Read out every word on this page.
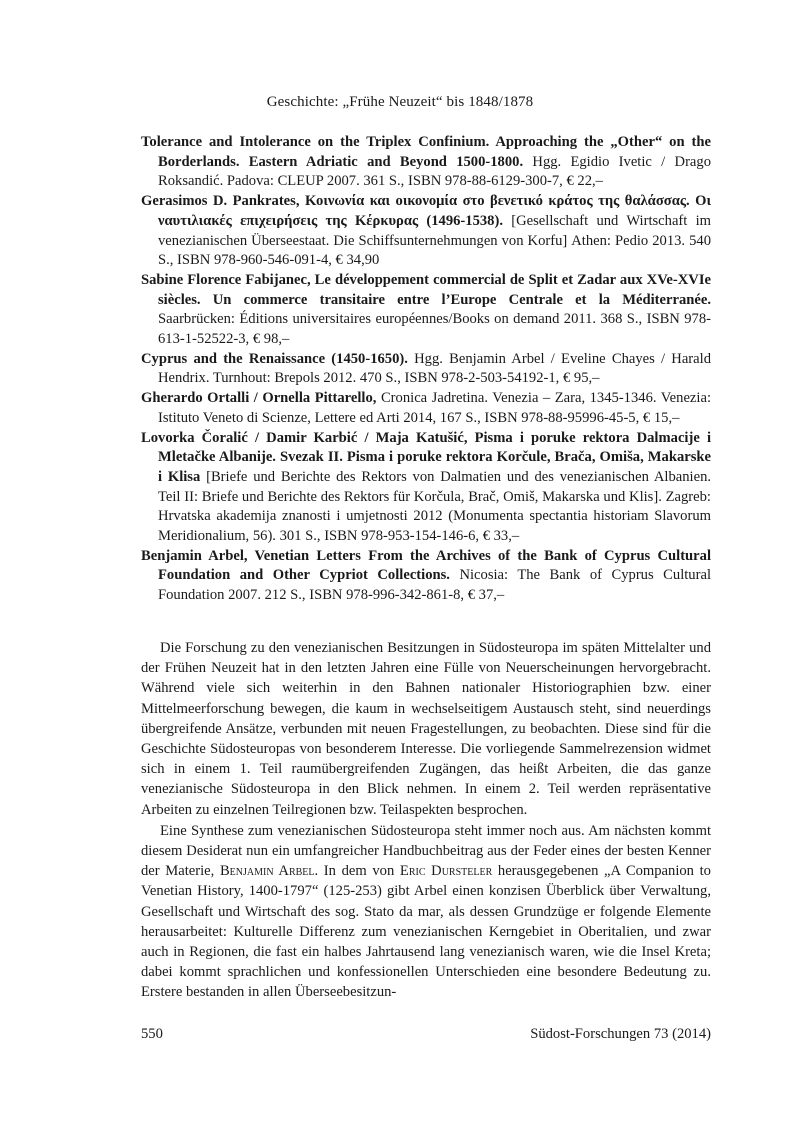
Geschichte: „Frühe Neuzeit“ bis 1848/1878

Tolerance and Intolerance on the Triplex Confinium. Approaching the „Other“ on the Borderlands. Eastern Adriatic and Beyond 1500-1800. Hgg. Egidio Ivetic / Drago Roksandić. Padova: CLEUP 2007. 361 S., ISBN 978-88-6129-300-7, € 22,–

Gerasimos D. Pankrates, Κοινωνία και οικονομία στο βενετικό κράτος της θαλάσσας. Οι ναυτιλιακές επιχειρήσεις της Κέρκυρας (1496-1538). [Gesellschaft und Wirtschaft im venezianischen Überseestaat. Die Schiffsunternehmungen von Korfu] Athen: Pedio 2013. 540 S., ISBN 978-960-546-091-4, € 34,90

Sabine Florence Fabijanec, Le développement commercial de Split et Zadar aux XVe-XVIe siècles. Un commerce transitaire entre l’Europe Centrale et la Méditerranée. Saarbrücken: Éditions universitaires européennes/Books on demand 2011. 368 S., ISBN 978-613-1-52522-3, € 98,–

Cyprus and the Renaissance (1450-1650). Hgg. Benjamin Arbel / Eveline Chayes / Harald Hendrix. Turnhout: Brepols 2012. 470 S., ISBN 978-2-503-54192-1, € 95,–

Gherardo Ortalli / Ornella Pittarello, Cronica Jadretina. Venezia – Zara, 1345-1346. Venezia: Istituto Veneto di Scienze, Lettere ed Arti 2014, 167 S., ISBN 978-88-95996-45-5, € 15,–

Lovorka Čoralić / Damir Karbić / Maja Katušić, Pisma i poruke rektora Dalmacije i Mletačke Albanije. Svezak II. Pisma i poruke rektora Korčule, Brača, Omiša, Makarske i Klisa [Briefe und Berichte des Rektors von Dalmatien und des venezianischen Albanien. Teil II: Briefe und Berichte des Rektors für Korčula, Brač, Omiš, Makarska und Klis]. Zagreb: Hrvatska akademija znanosti i umjetnosti 2012 (Monumenta spectantia historiam Slavorum Meridionalium, 56). 301 S., ISBN 978-953-154-146-6, € 33,–

Benjamin Arbel, Venetian Letters From the Archives of the Bank of Cyprus Cultural Foundation and Other Cypriot Collections. Nicosia: The Bank of Cyprus Cultural Foundation 2007. 212 S., ISBN 978-996-342-861-8, € 37,–

Die Forschung zu den venezianischen Besitzungen in Südosteuropa im späten Mittelalter und der Frühen Neuzeit hat in den letzten Jahren eine Fülle von Neuerscheinungen hervorgebracht. Während viele sich weiterhin in den Bahnen nationaler Historiographien bzw. einer Mittelmeerforschung bewegen, die kaum in wechselseitigem Austausch steht, sind neuerdings übergreifende Ansätze, verbunden mit neuen Fragestellungen, zu beobachten. Diese sind für die Geschichte Südosteuropas von besonderem Interesse. Die vorliegende Sammelrezension widmet sich in einem 1. Teil raumübergreifenden Zugängen, das heißt Arbeiten, die das ganze venezianische Südosteuropa in den Blick nehmen. In einem 2. Teil werden repräsentative Arbeiten zu einzelnen Teilregionen bzw. Teilaspekten besprochen.

Eine Synthese zum venezianischen Südosteuropa steht immer noch aus. Am nächsten kommt diesem Desiderat nun ein umfangreicher Handbuchbeitrag aus der Feder eines der besten Kenner der Materie, Benjamin Arbel. In dem von Eric Dursteler herausgegebenen „A Companion to Venetian History, 1400-1797“ (125-253) gibt Arbel einen konzisen Überblick über Verwaltung, Gesellschaft und Wirtschaft des sog. Stato da mar, als dessen Grundzüge er folgende Elemente herausarbeitet: Kulturelle Differenz zum venezianischen Kerngebiet in Oberitalien, und zwar auch in Regionen, die fast ein halbes Jahrtausend lang venezianisch waren, wie die Insel Kreta; dabei kommt sprachlichen und konfessionellen Unterschieden eine besondere Bedeutung zu. Erstere bestanden in allen Überseebesitzun-

550	Südost-Forschungen 73 (2014)
